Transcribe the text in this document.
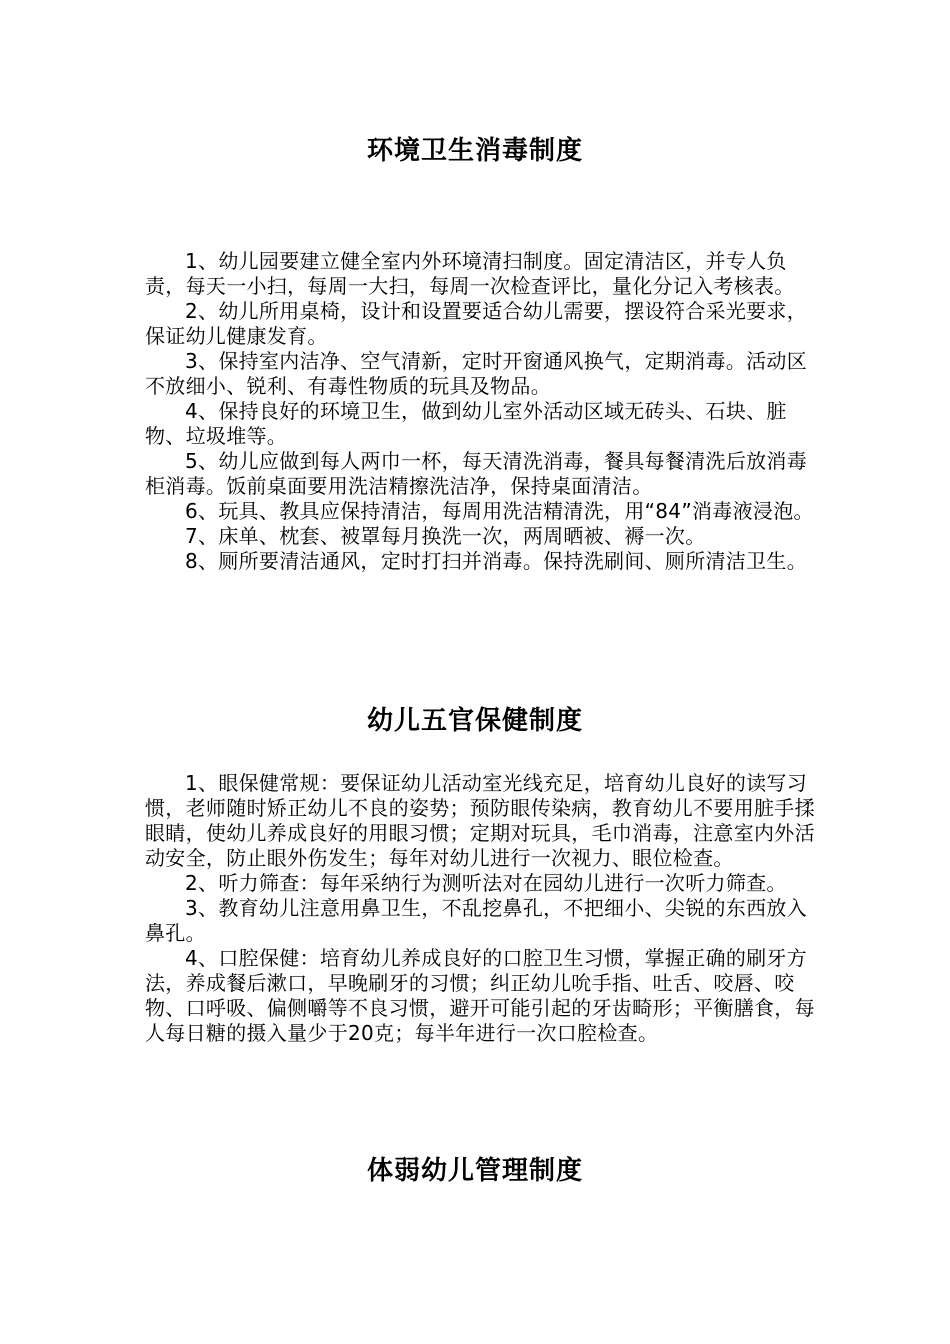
环境卫生消毒制度

1、幼儿园要建立健全室内外环境清扫制度。固定清洁区，并专人负责，每天一小扫，每周一大扫，每周一次检查评比，量化分记入考核表。

2、幼儿所用桌椅，设计和设置要适合幼儿需要，摆设符合采光要求，保证幼儿健康发育。

3、保持室内洁净、空气清新，定时开窗通风换气，定期消毒。活动区不放细小、锐利、有毒性物质的玩具及物品。

4、保持良好的环境卫生，做到幼儿室外活动区域无砖头、石块、脏物、垃圾堆等。

5、幼儿应做到每人两巾一杯，每天清洗消毒，餐具每餐清洗后放消毒柜消毒。饭前桌面要用洗洁精擦洗洁净，保持桌面清洁。

6、玩具、教具应保持清洁，每周用洗洁精清洗，用“84”消毒液浸泡。

7、床单、枕套、被罩每月换洗一次，两周晒被、褥一次。

8、厕所要清洁通风，定时打扫并消毒。保持洗刷间、厕所清洁卫生。

幼儿五官保健制度

1、眼保健常规：要保证幼儿活动室光线充足，培育幼儿良好的读写习惯，老师随时矫正幼儿不良的姿势；预防眼传染病，教育幼儿不要用脏手揉眼睛，使幼儿养成良好的用眼习惯；定期对玩具，毛巾消毒，注意室内外活动安全，防止眼外伤发生；每年对幼儿进行一次视力、眼位检查。

2、听力筛查：每年采纳行为测听法对在园幼儿进行一次听力筛查。

3、教育幼儿注意用鼻卫生，不乱挖鼻孔，不把细小、尖锐的东西放入鼻孔。

4、口腔保健：培育幼儿养成良好的口腔卫生习惯，掌握正确的刷牙方法，养成餐后漱口，早晚刷牙的习惯；纠正幼儿吮手指、吐舌、咬唇、咬物、口呼吸、偏侧嚼等不良习惯，避开可能引起的牙齿畸形；平衡膳食，每人每日糖的摄入量少于20克；每半年进行一次口腔检查。

体弱幼儿管理制度
